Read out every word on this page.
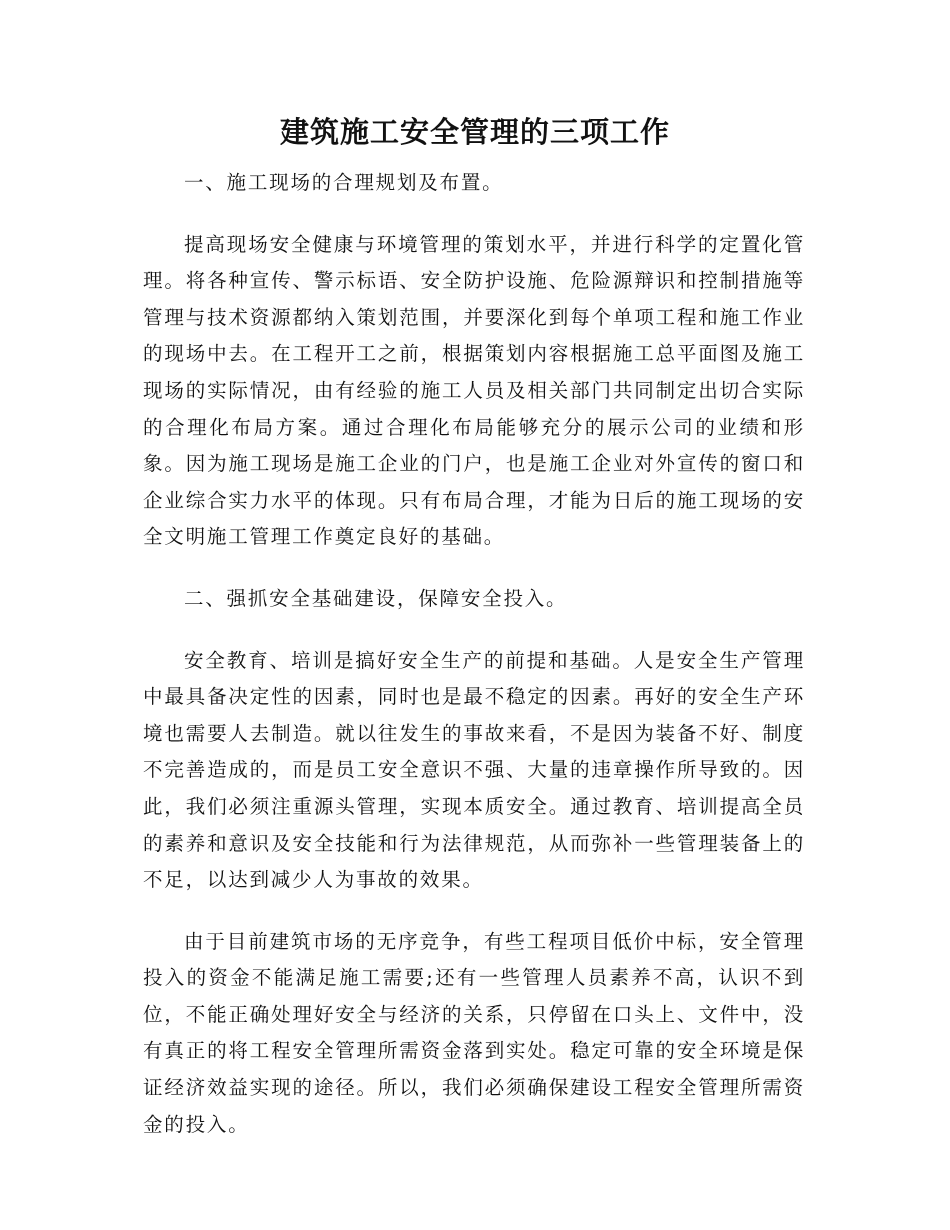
建筑施工安全管理的三项工作

一、施工现场的合理规划及布置。

提高现场安全健康与环境管理的策划水平，并进行科学的定置化管理。将各种宣传、警示标语、安全防护设施、危险源辩识和控制措施等管理与技术资源都纳入策划范围，并要深化到每个单项工程和施工作业的现场中去。在工程开工之前，根据策划内容根据施工总平面图及施工现场的实际情况，由有经验的施工人员及相关部门共同制定出切合实际的合理化布局方案。通过合理化布局能够充分的展示公司的业绩和形象。因为施工现场是施工企业的门户，也是施工企业对外宣传的窗口和企业综合实力水平的体现。只有布局合理，才能为日后的施工现场的安全文明施工管理工作奠定良好的基础。

二、强抓安全基础建设，保障安全投入。

安全教育、培训是搞好安全生产的前提和基础。人是安全生产管理中最具备决定性的因素，同时也是最不稳定的因素。再好的安全生产环境也需要人去制造。就以往发生的事故来看，不是因为装备不好、制度不完善造成的，而是员工安全意识不强、大量的违章操作所导致的。因此，我们必须注重源头管理，实现本质安全。通过教育、培训提高全员的素养和意识及安全技能和行为法律规范，从而弥补一些管理装备上的不足，以达到减少人为事故的效果。

由于目前建筑市场的无序竞争，有些工程项目低价中标，安全管理投入的资金不能满足施工需要;还有一些管理人员素养不高，认识不到位，不能正确处理好安全与经济的关系，只停留在口头上、文件中，没有真正的将工程安全管理所需资金落到实处。稳定可靠的安全环境是保证经济效益实现的途径。所以，我们必须确保建设工程安全管理所需资金的投入。
